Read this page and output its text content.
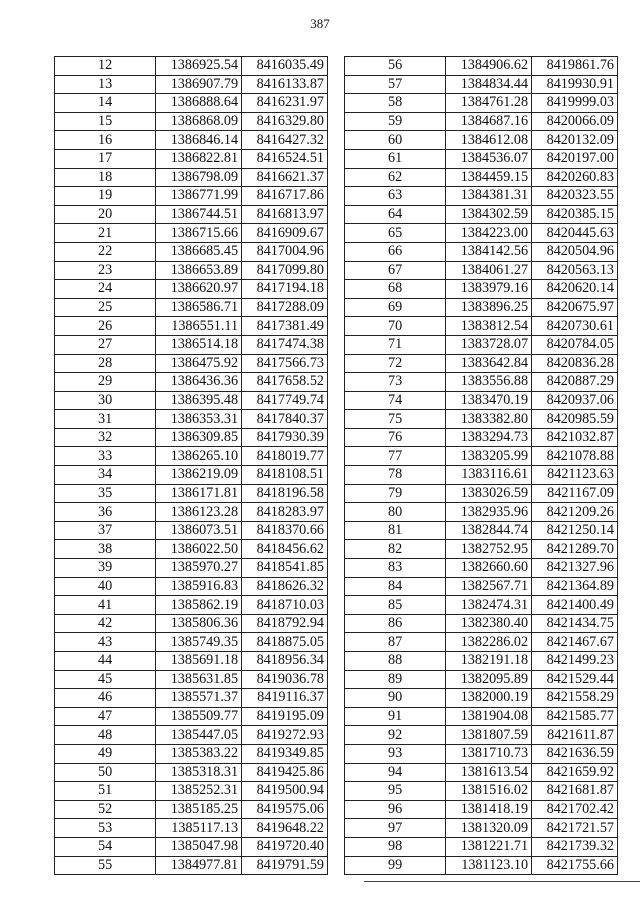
387
12	1386925.54	8416035.49
13	1386907.79	8416133.87
14	1386888.64	8416231.97
15	1386868.09	8416329.80
16	1386846.14	8416427.32
17	1386822.81	8416524.51
18	1386798.09	8416621.37
19	1386771.99	8416717.86
20	1386744.51	8416813.97
21	1386715.66	8416909.67
22	1386685.45	8417004.96
23	1386653.89	8417099.80
24	1386620.97	8417194.18
25	1386586.71	8417288.09
26	1386551.11	8417381.49
27	1386514.18	8417474.38
28	1386475.92	8417566.73
29	1386436.36	8417658.52
30	1386395.48	8417749.74
31	1386353.31	8417840.37
32	1386309.85	8417930.39
33	1386265.10	8418019.77
34	1386219.09	8418108.51
35	1386171.81	8418196.58
36	1386123.28	8418283.97
37	1386073.51	8418370.66
38	1386022.50	8418456.62
39	1385970.27	8418541.85
40	1385916.83	8418626.32
41	1385862.19	8418710.03
42	1385806.36	8418792.94
43	1385749.35	8418875.05
44	1385691.18	8418956.34
45	1385631.85	8419036.78
46	1385571.37	8419116.37
47	1385509.77	8419195.09
48	1385447.05	8419272.93
49	1385383.22	8419349.85
50	1385318.31	8419425.86
51	1385252.31	8419500.94
52	1385185.25	8419575.06
53	1385117.13	8419648.22
54	1385047.98	8419720.40
55	1384977.81	8419791.59
56	1384906.62	8419861.76
57	1384834.44	8419930.91
58	1384761.28	8419999.03
59	1384687.16	8420066.09
60	1384612.08	8420132.09
61	1384536.07	8420197.00
62	1384459.15	8420260.83
63	1384381.31	8420323.55
64	1384302.59	8420385.15
65	1384223.00	8420445.63
66	1384142.56	8420504.96
67	1384061.27	8420563.13
68	1383979.16	8420620.14
69	1383896.25	8420675.97
70	1383812.54	8420730.61
71	1383728.07	8420784.05
72	1383642.84	8420836.28
73	1383556.88	8420887.29
74	1383470.19	8420937.06
75	1383382.80	8420985.59
76	1383294.73	8421032.87
77	1383205.99	8421078.88
78	1383116.61	8421123.63
79	1383026.59	8421167.09
80	1382935.96	8421209.26
81	1382844.74	8421250.14
82	1382752.95	8421289.70
83	1382660.60	8421327.96
84	1382567.71	8421364.89
85	1382474.31	8421400.49
86	1382380.40	8421434.75
87	1382286.02	8421467.67
88	1382191.18	8421499.23
89	1382095.89	8421529.44
90	1382000.19	8421558.29
91	1381904.08	8421585.77
92	1381807.59	8421611.87
93	1381710.73	8421636.59
94	1381613.54	8421659.92
95	1381516.02	8421681.87
96	1381418.19	8421702.42
97	1381320.09	8421721.57
98	1381221.71	8421739.32
99	1381123.10	8421755.66
